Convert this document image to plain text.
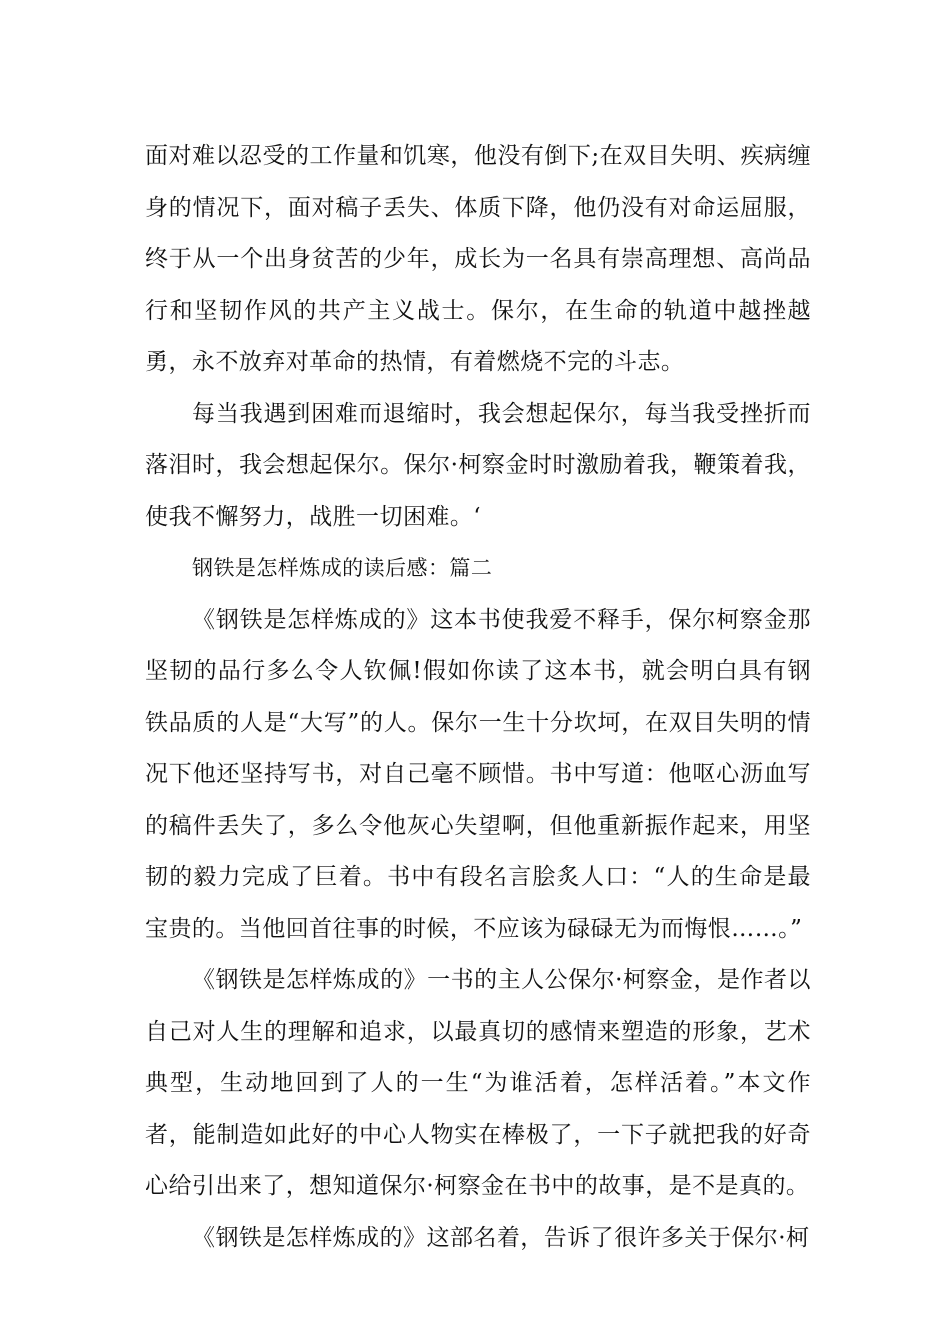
面对难以忍受的工作量和饥寒，他没有倒下;在双目失明、疾病缠身的情况下，面对稿子丢失、体质下降，他仍没有对命运屈服，终于从一个出身贫苦的少年，成长为一名具有崇高理想、高尚品行和坚韧作风的共产主义战士。保尔，在生命的轨道中越挫越勇，永不放弃对革命的热情，有着燃烧不完的斗志。

每当我遇到困难而退缩时，我会想起保尔，每当我受挫折而落泪时，我会想起保尔。保尔·柯察金时时激励着我，鞭策着我，使我不懈努力，战胜一切困难。‘

钢铁是怎样炼成的读后感：篇二

《钢铁是怎样炼成的》这本书使我爱不释手，保尔柯察金那坚韧的品行多么令人钦佩!假如你读了这本书，就会明白具有钢铁品质的人是“大写”的人。保尔一生十分坎坷，在双目失明的情况下他还坚持写书，对自己毫不顾惜。书中写道：他呕心沥血写的稿件丢失了，多么令他灰心失望啊，但他重新振作起来，用坚韧的毅力完成了巨着。书中有段名言脍炙人口：“人的生命是最宝贵的。当他回首往事的时候，不应该为碌碌无为而悔恨……。”

《钢铁是怎样炼成的》一书的主人公保尔·柯察金，是作者以自己对人生的理解和追求，以最真切的感情来塑造的形象，艺术典型，生动地回到了人的一生“为谁活着，怎样活着。”本文作者，能制造如此好的中心人物实在棒极了，一下子就把我的好奇心给引出来了，想知道保尔·柯察金在书中的故事，是不是真的。

《钢铁是怎样炼成的》这部名着，告诉了很许多关于保尔·柯
